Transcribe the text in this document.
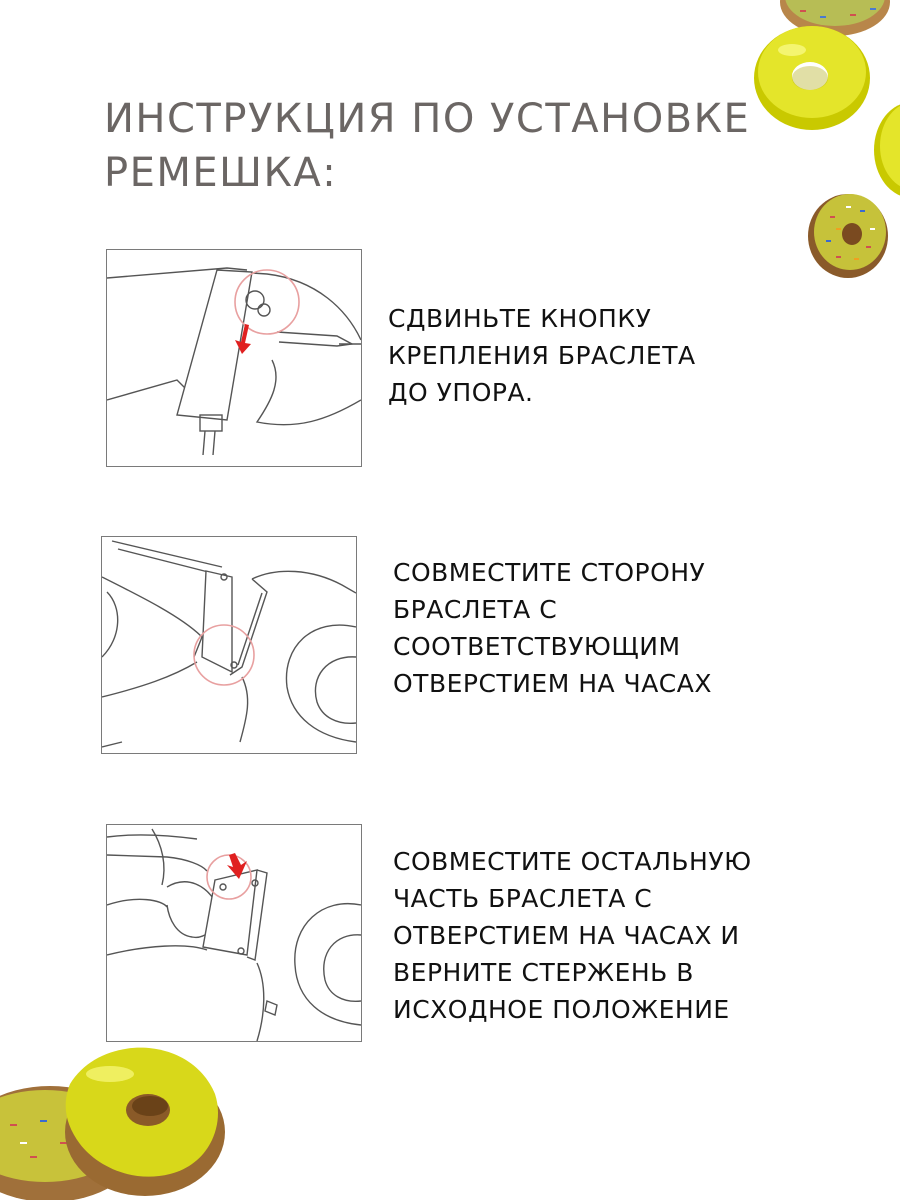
ИНСТРУКЦИЯ ПО УСТАНОВКЕ
РЕМЕШКА:
СДВИНЬТЕ КНОПКУ
КРЕПЛЕНИЯ БРАСЛЕТА
ДО УПОРА.
СОВМЕСТИТЕ СТОРОНУ
БРАСЛЕТА С
СООТВЕТСТВУЮЩИМ
ОТВЕРСТИЕМ НА ЧАСАХ
СОВМЕСТИТЕ ОСТАЛЬНУЮ
ЧАСТЬ БРАСЛЕТА С
ОТВЕРСТИЕМ НА ЧАСАХ И
ВЕРНИТЕ СТЕРЖЕНЬ В
ИСХОДНОЕ ПОЛОЖЕНИЕ
